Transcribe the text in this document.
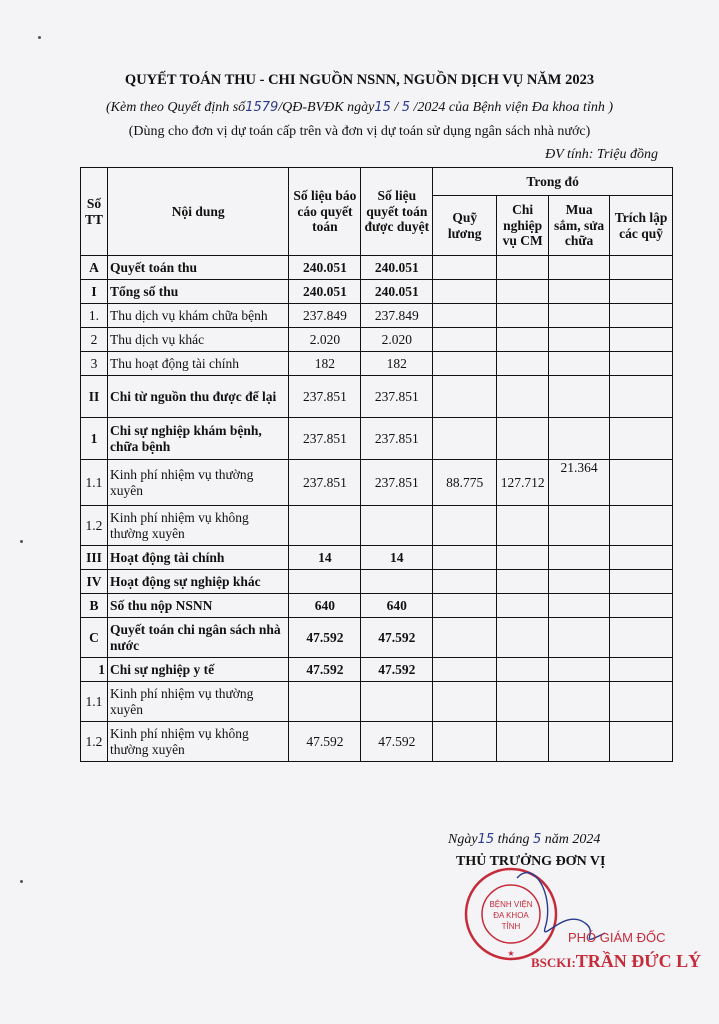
QUYẾT TOÁN THU - CHI NGUỒN NSNN, NGUỒN DỊCH VỤ NĂM 2023
(Kèm theo Quyết định số1579/QĐ-BVĐK ngày15 / 5 /2024 của Bệnh viện Đa khoa tỉnh )
(Dùng cho đơn vị dự toán cấp trên và đơn vị dự toán sử dụng ngân sách nhà nước)
ĐV tính: Triệu đồng
Số TT	Nội dung	Số liệu báo cáo quyết toán	Số liệu quyết toán được duyệt	Trong đó			
				Quỹ lương	Chi nghiệp vụ CM	Mua sắm, sửa chữa	Trích lập các quỹ
A	Quyết toán thu	240.051	240.051				
I	Tổng số thu	240.051	240.051				
1.	Thu dịch vụ khám chữa bệnh	237.849	237.849				
2	Thu dịch vụ khác	2.020	2.020				
3	Thu hoạt động tài chính	182	182				
II	Chi từ nguồn thu được để lại	237.851	237.851				
1	Chi sự nghiệp khám bệnh, chữa bệnh	237.851	237.851				
1.1	Kinh phí nhiệm vụ thường xuyên	237.851	237.851	88.775	127.712	21.364	
1.2	Kinh phí nhiệm vụ không thường xuyên						
III	Hoạt động tài chính	14	14				
IV	Hoạt động sự nghiệp khác						
B	Số thu nộp NSNN	640	640				
C	Quyết toán chi ngân sách nhà nước	47.592	47.592				
1	Chi sự nghiệp y tế	47.592	47.592				
1.1	Kinh phí nhiệm vụ thường xuyên						
1.2	Kinh phí nhiệm vụ không thường xuyên	47.592	47.592				
Ngày15 tháng 5 năm 2024
THỦ TRƯỞNG ĐƠN VỊ
BỆNH VIỆN
ĐA KHOA
TỈNH
★
PHÓ GIÁM ĐỐC
BSCKI:TRẦN ĐỨC LÝ
